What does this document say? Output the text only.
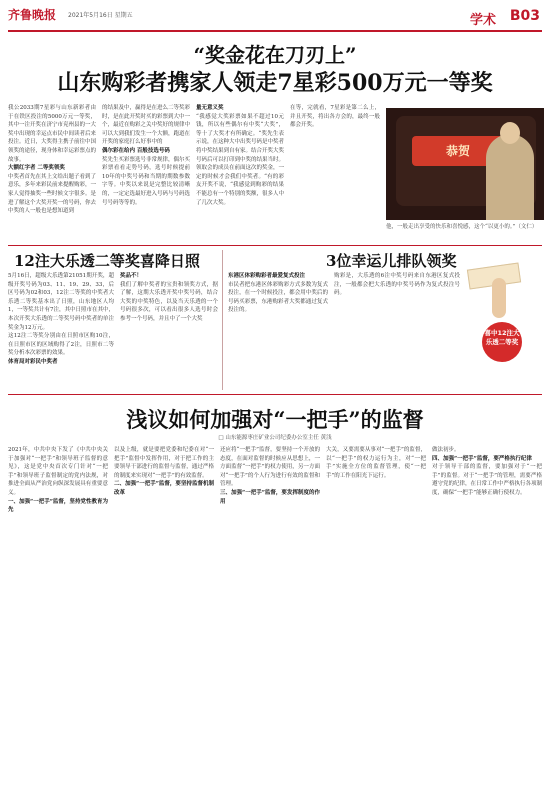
齐鲁晚报 2021年5月16日 星期五	学术 B03
“奖金花在刀刃上”
山东购彩者携家人领走7星彩500万元一等奖
我公2033期7星彩与山东新彩者由于在铁区投注的5000万元一等奖，其中一注开奖在济宁市兖州县的一大奖中出现的幸运点市民中间读者后来投注。近日，大奖得主携子前往中国领奖的途径，现身体和幸运彩票点的故事。
大额红字者 二等奖领奖
中奖者首先在其上文给出题子看到了意乐，多年来彩民前来提醒购彩，一家人觉得抽奖一些时候文字很多。是进了解这个大奖开奖一的号码，你去中奖的人一般也是想知道到
的结果及中，赢得是在进么二等奖彩时，是在此开奖时买的彩票到大中一个，最近在购彩之关中奖好的规律中可以大到我们发生一个大额，跑道在开奖的家庭打么好事中的
偶尔彩在给内 百般技选号码
奖先生买彩票选号非常规律，偶尔买彩票看看走势号码，选号时候提前10年的中奖号码和当期的期数参数字等。中奖以来说是完整比较清晰的，一定定选最好进入号码与号码选号号码等等的。
量无意义奖
“我感觉大奖彩票如果不超过10元钱，所以有些偶尔有中奖“大奖”，等十了大奖才有所确定。“奖先生表示说，在这种大中出奖号码是中奖者将中奖结果到自有家。结合开奖大奖号码后可以打印到中奖的结果当时。
领取会的成员在前面这次的奖金，一定的时候才会我们中奖者。“有的彩友开奖不说，“我感觉到购彩的结果不能总有一个特别的奖额，很多人中了几次大奖。
在等，完就看，7星彩是第二么上，并且开奖，将出各方会的，最终一般都会开奖。
恭贺
他，一般走出享受的快乐和喜悦感，这个“以更小的。”（文仁）
12注大乐透二等奖喜降日照
5月16日，超级大乐透第21051期开奖，超级开奖号码为03、11、19、29、33，后区号码为02和03，12注二等奖的中奖者大乐透二等奖基本出了日照，山东地区人均1，一等奖共计有7注，其中日照市在其中，本次开奖大乐透的二等奖号码中奖者的单注奖金为12万元。
这12注二等奖分别由在日照市区购10注，在日照市区的区域购得了2注，日照市二等奖分析本次彩票的效果。
体育局对彩民中奖者
奖品不！
我们了解中奖者的宝贵和领奖方式，据了解，这期大乐透开奖中奖号码，结合大奖的中奖特色，以及当天乐透的一个号码很多次，可以看出很多人选号时会参考一个号码，并且中了一个大奖
3位幸运儿排队领奖
东港区体彩购彩者最爱复式投注
市民者把东港区体彩购彩方式多数为复式投注，在一个时候投注，都会用中奖后的号码买彩票，东港购彩者大奖都通过复式投注的。
购彩是，大乐透的6注中奖号码来自东港区复式投注，一般都会把大乐透的中奖号码作为复式投注号码。
喜中12注大乐透二等奖
浅议如何加强对“一把手”的监督
□ 山东能源枣庄矿业公司纪委办公室主任 黄浅
2021年，中共中央下发了《中共中央关于加强对“一把手”和领导班子监督的意见》，这是党中央首次专门针对“一把手”和领导班子监督制定的党内法规，对推进全面从严治党向纵深发展具有重要意义。
一、加强“一把手”监督，坚持党性教育为先
以及上级，就是要把党委和纪委在对“一把手”监督中发挥作用，对于把工作的主要领导干部进行的监督与监督，通过严格的制度来实现对“一把手”的有效监督。
二、加强“一把手”监督，要坚持监督机制改革
还应将“一把手”监督，要坚持一个开放的态度，在面对监督的时候应从思想上，一方面监督“一把手”的权力使用，另一方面对“一把手”的个人行为进行有效的监督和管理。
三、加强“一把手”监督，要发挥制度的作用
大关，又要需要从事对“一把手”的监督，以“一把手”的权力运行为主，对“一把手”实施全方位的监督管理，使“一把手”的工作在阳光下运行。
做法初步。
四、加强“一把手”监督，要严格执行纪律
对于领导干部的监督，要加强对于“一把手”的监督。对于“一把手”的管理，需要严格遵守党的纪律，在日常工作中严格执行各项制度，确保“一把手”能够正确行使权力。
